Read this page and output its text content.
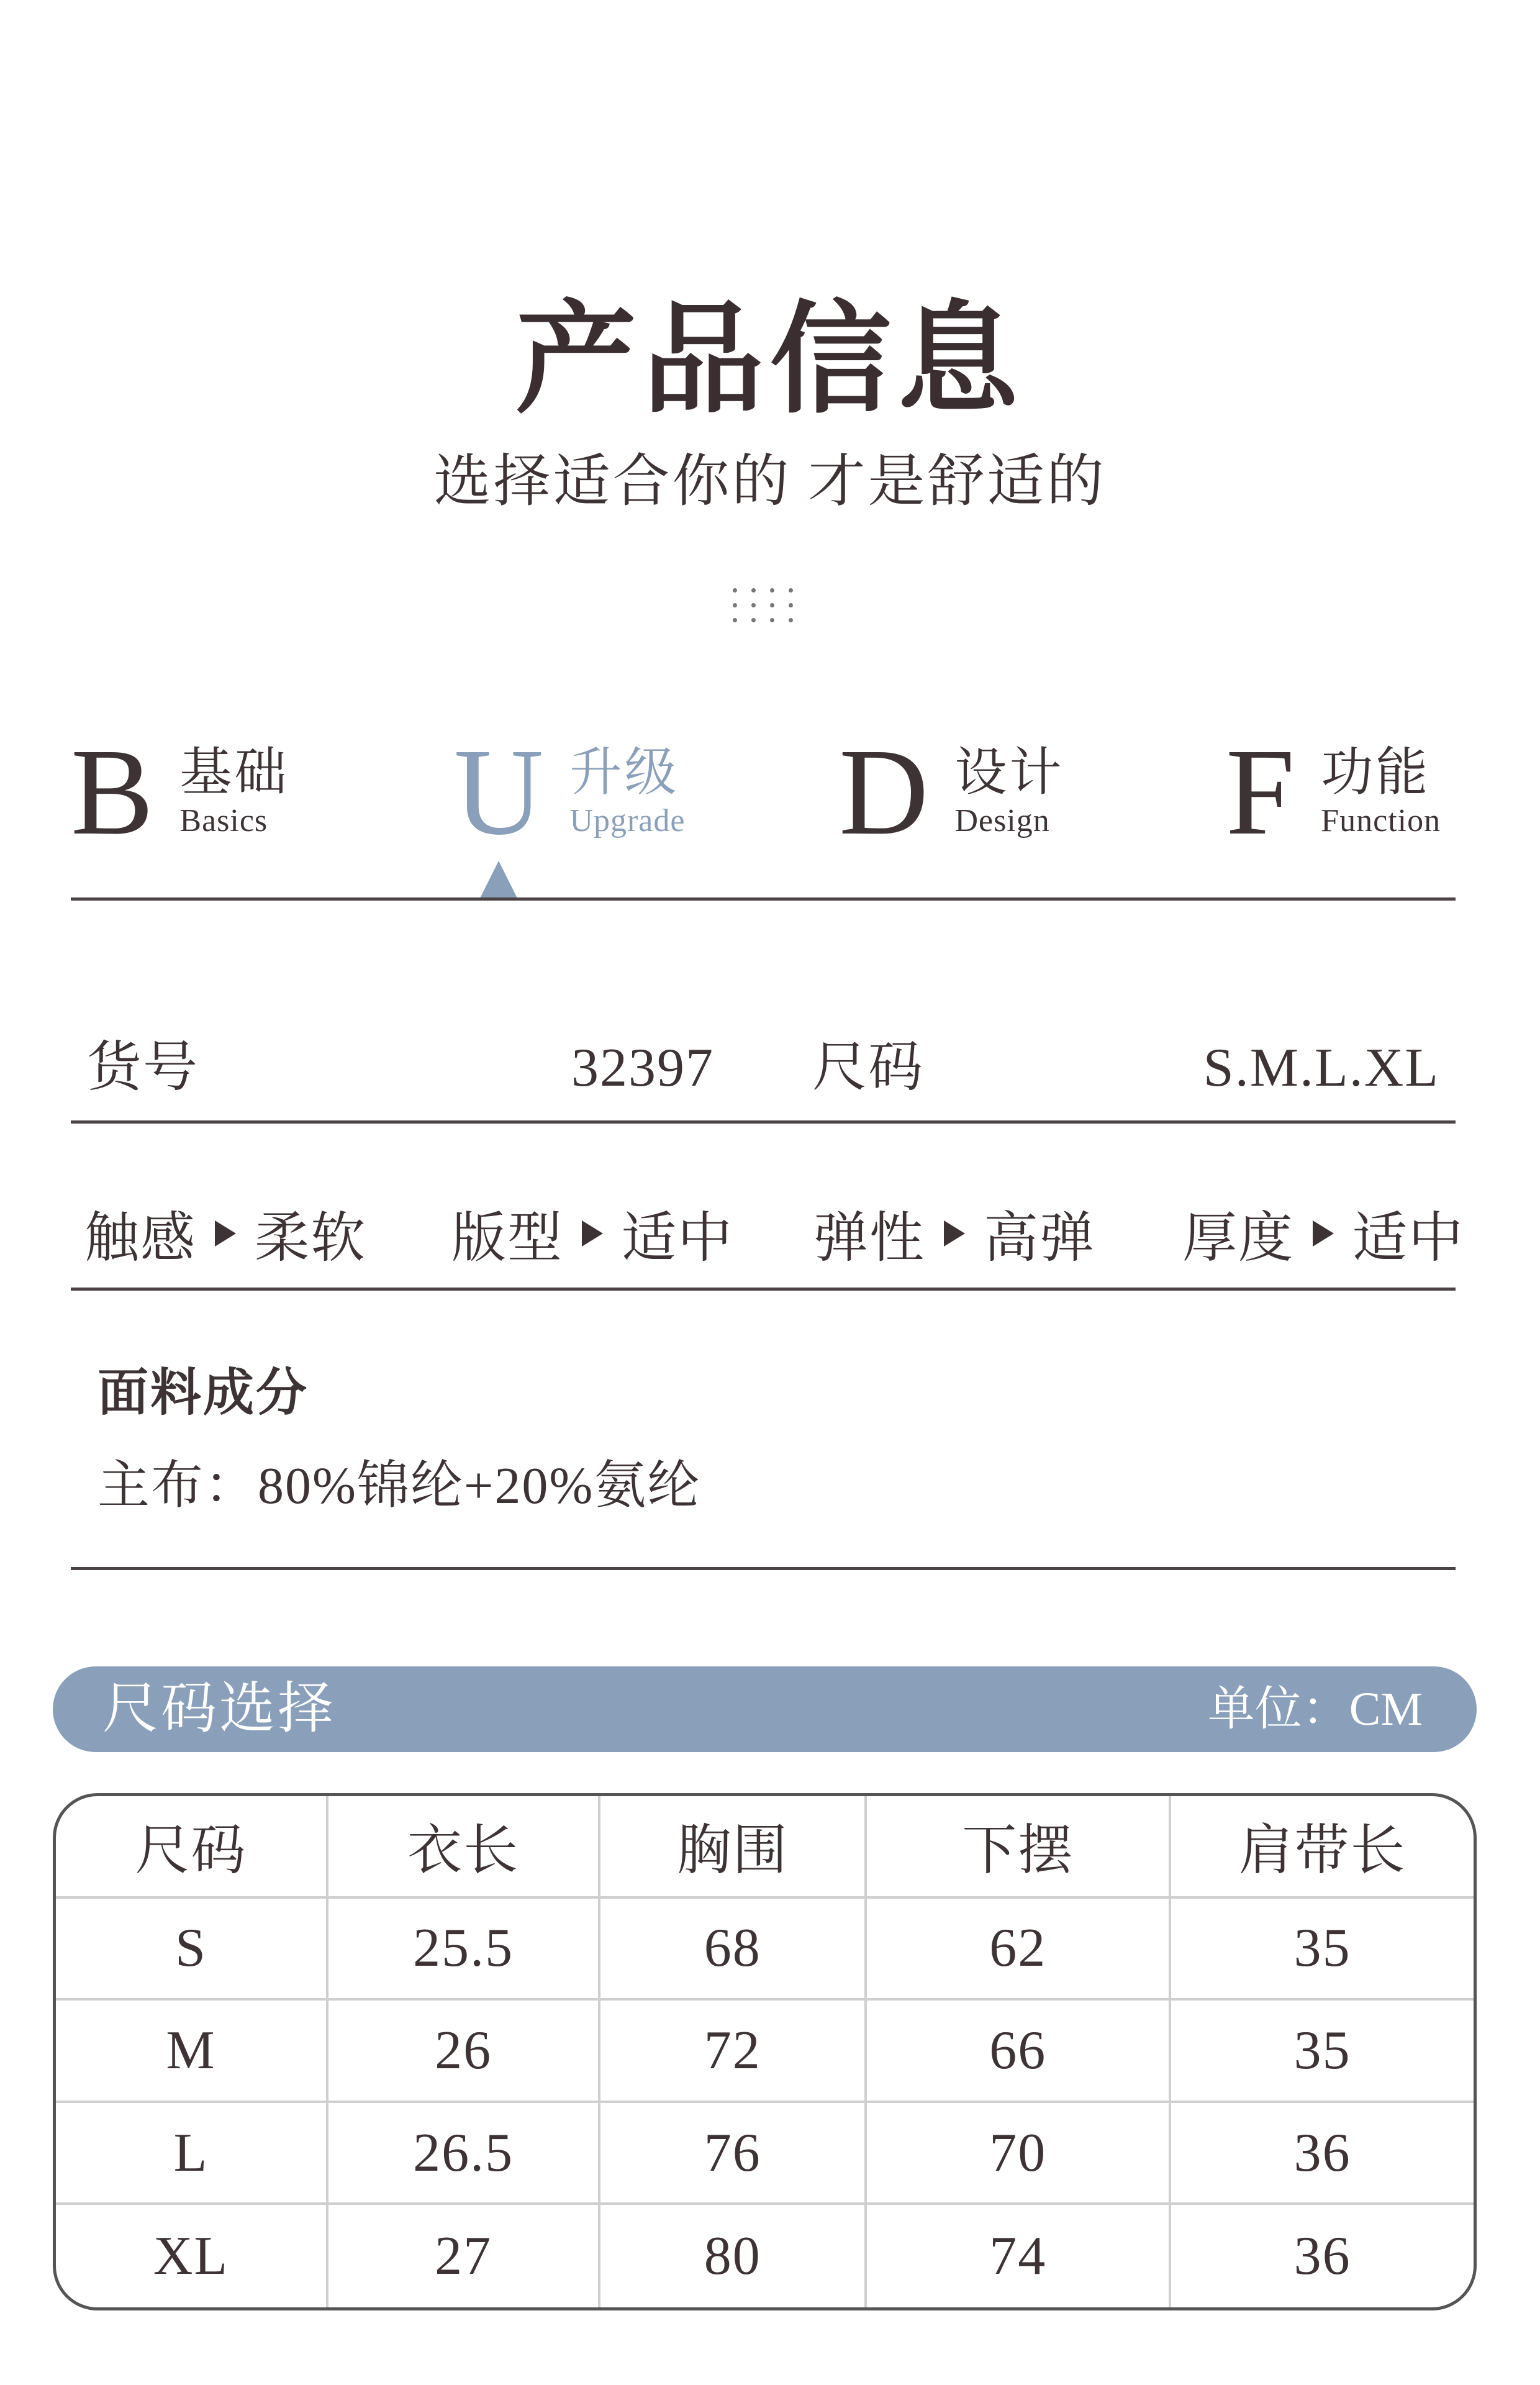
产品信息
选择适合你的 才是舒适的
B 基础
Basics U 升级
Upgrade D 设计
Design F 功能
Function
货号	32397 尺码	S.M.L.XL
触感 柔软 版型 适中 弹性 高弹 厚度 适中
面料成分
主布：80%锦纶+20%氨纶
尺码选择	单位：CM
尺码	衣长	胸围	下摆	肩带长
S	25.5	68	62	35
M	26	72	66	35
L	26.5	76	70	36
XL	27	80	74	36
